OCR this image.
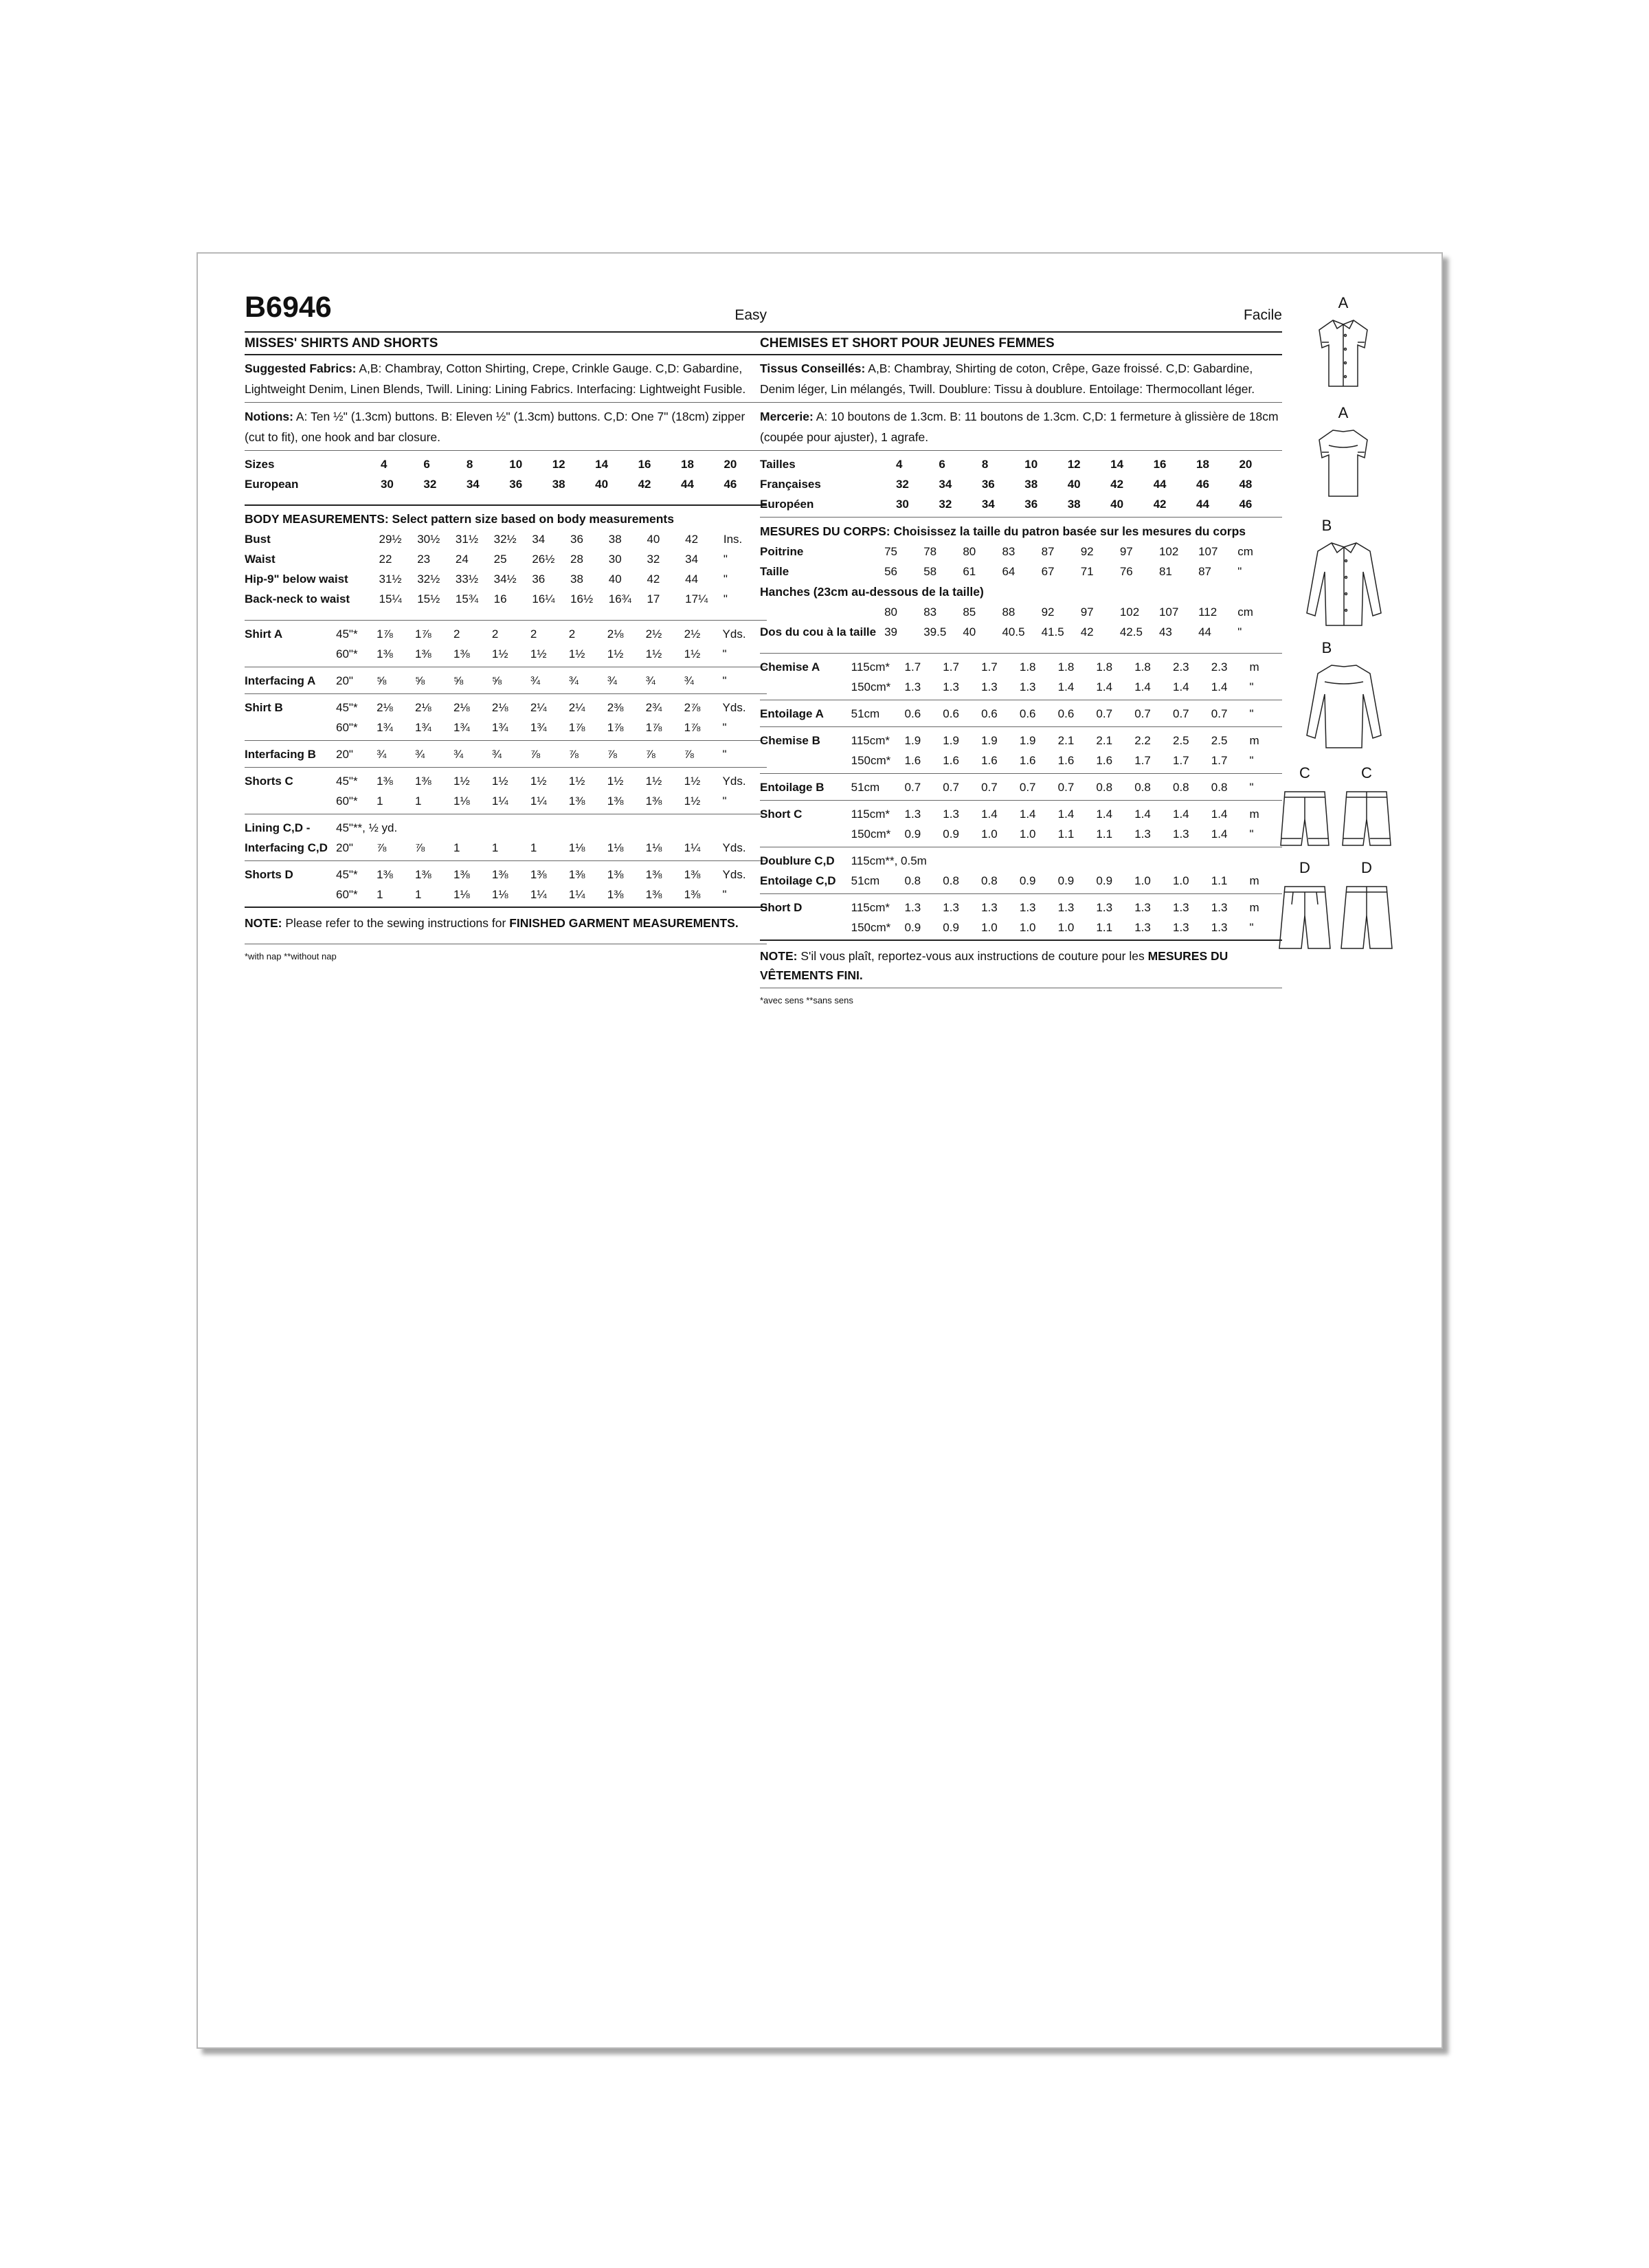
B6946	Easy
MISSES' SHIRTS AND SHORTS
Suggested Fabrics: A,B: Chambray, Cotton Shirting, Crepe, Crinkle Gauge. C,D: Gabardine, Lightweight Denim, Linen Blends, Twill. Lining: Lining Fabrics. Interfacing: Lightweight Fusible.
Notions: A: Ten ½" (1.3cm) buttons. B: Eleven ½" (1.3cm) buttons. C,D: One 7" (18cm) zipper (cut to fit), one hook and bar closure.
Sizes	4	6	8	10	12	14	16	18	20
European	30	32	34	36	38	40	42	44	46
BODY MEASUREMENTS: Select pattern size based on body measurements
Bust	29½	30½	31½	32½	34	36	38	40	42	Ins.
Waist	22	23	24	25	26½	28	30	32	34	"
Hip-9" below waist	31½	32½	33½	34½	36	38	40	42	44	"
Back-neck to waist	15¼	15½	15¾	16	16¼	16½	16¾	17	17¼	"
Shirt A	45"*	1⅞	1⅞	2	2	2	2	2⅛	2½	2½	Yds.
	60"*	1⅜	1⅜	1⅜	1½	1½	1½	1½	1½	1½	"
Interfacing A	20"	⅝	⅝	⅝	⅝	¾	¾	¾	¾	¾	"
Shirt B	45"*	2⅛	2⅛	2⅛	2⅛	2¼	2¼	2⅜	2¾	2⅞	Yds.
	60"*	1¾	1¾	1¾	1¾	1¾	1⅞	1⅞	1⅞	1⅞	"
Interfacing B	20"	¾	¾	¾	¾	⅞	⅞	⅞	⅞	⅞	"
Shorts C	45"*	1⅜	1⅜	1½	1½	1½	1½	1½	1½	1½	Yds.
	60"*	1	1	1⅛	1¼	1¼	1⅜	1⅜	1⅜	1½	"
Lining C,D -	45"**, ½ yd.										
Interfacing C,D	20"	⅞	⅞	1	1	1	1⅛	1⅛	1⅛	1¼	Yds.
Shorts D	45"*	1⅜	1⅜	1⅜	1⅜	1⅜	1⅜	1⅜	1⅜	1⅜	Yds.
	60"*	1	1	1⅛	1⅛	1¼	1¼	1⅜	1⅜	1⅜	"
NOTE: Please refer to the sewing instructions for FINISHED GARMENT MEASUREMENTS.
*with nap **without nap
Facile
CHEMISES ET SHORT POUR JEUNES FEMMES
Tissus Conseillés: A,B: Chambray, Shirting de coton, Crêpe, Gaze froissé. C,D: Gabardine, Denim léger, Lin mélangés, Twill. Doublure: Tissu à doublure. Entoilage: Thermocollant léger.
Mercerie: A: 10 boutons de 1.3cm. B: 11 boutons de 1.3cm. C,D: 1 fermeture à glissière de 18cm (coupée pour ajuster), 1 agrafe.
Tailles	4	6	8	10	12	14	16	18	20
Françaises	32	34	36	38	40	42	44	46	48
Européen	30	32	34	36	38	40	42	44	46
MESURES DU CORPS: Choisissez la taille du patron basée sur les mesures du corps
Poitrine	75	78	80	83	87	92	97	102	107	cm
Taille	56	58	61	64	67	71	76	81	87	"
Hanches (23cm au-dessous de la taille)
	80	83	85	88	92	97	102	107	112	cm
Dos du cou à la taille	39	39.5	40	40.5	41.5	42	42.5	43	44	"
Chemise A	115cm*	1.7	1.7	1.7	1.8	1.8	1.8	1.8	2.3	2.3	m
	150cm*	1.3	1.3	1.3	1.3	1.4	1.4	1.4	1.4	1.4	"
Entoilage A	51cm	0.6	0.6	0.6	0.6	0.6	0.7	0.7	0.7	0.7	"
Chemise B	115cm*	1.9	1.9	1.9	1.9	2.1	2.1	2.2	2.5	2.5	m
	150cm*	1.6	1.6	1.6	1.6	1.6	1.6	1.7	1.7	1.7	"
Entoilage B	51cm	0.7	0.7	0.7	0.7	0.7	0.8	0.8	0.8	0.8	"
Short C	115cm*	1.3	1.3	1.4	1.4	1.4	1.4	1.4	1.4	1.4	m
	150cm*	0.9	0.9	1.0	1.0	1.1	1.1	1.3	1.3	1.4	"
Doublure C,D	115cm**, 0.5m										
Entoilage C,D	51cm	0.8	0.8	0.8	0.9	0.9	0.9	1.0	1.0	1.1	m
Short D	115cm*	1.3	1.3	1.3	1.3	1.3	1.3	1.3	1.3	1.3	m
	150cm*	0.9	0.9	1.0	1.0	1.0	1.1	1.3	1.3	1.3	"
NOTE: S'il vous plaît, reportez-vous aux instructions de couture pour les MESURES DU VÊTEMENTS FINI.
*avec sens **sans sens
A
A
B
B
C	C
D	D
